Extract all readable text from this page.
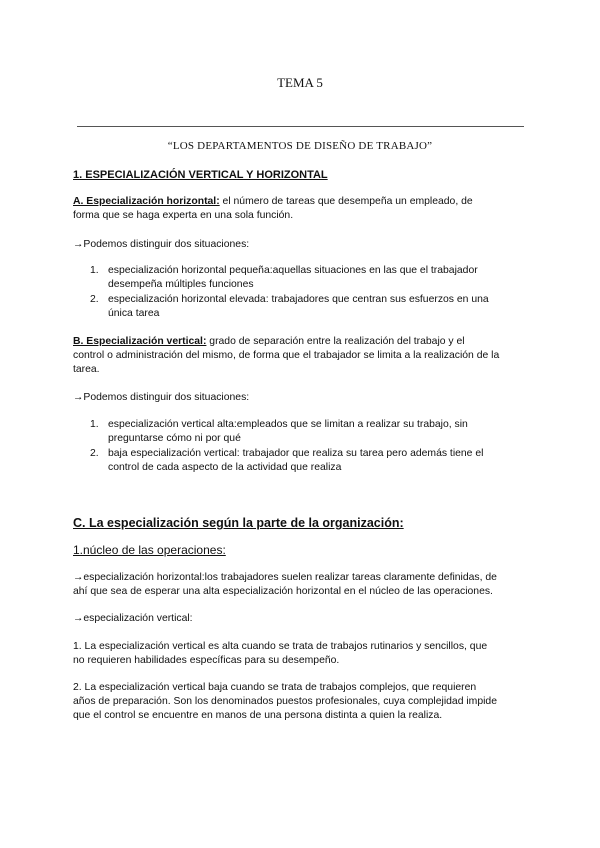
TEMA 5
“LOS DEPARTAMENTOS DE DISEÑO DE TRABAJO”
1. ESPECIALIZACIÓN VERTICAL Y HORIZONTAL
A. Especialización horizontal: el número de tareas que desempeña un empleado, de
forma que se haga experta en una sola función.
→Podemos distinguir dos situaciones:
1. especialización horizontal pequeña:aquellas situaciones en las que el trabajador
desempeña múltiples funciones
2. especialización horizontal elevada: trabajadores que centran sus esfuerzos en una
única tarea
B. Especialización vertical: grado de separación entre la realización del trabajo y el
control o administración del mismo, de forma que el trabajador se limita a la realización de la
tarea.
→Podemos distinguir dos situaciones:
1. especialización vertical alta:empleados que se limitan a realizar su trabajo, sin
preguntarse cómo ni por qué
2. baja especialización vertical: trabajador que realiza su tarea pero además tiene el
control de cada aspecto de la actividad que realiza
C. La especialización según la parte de la organización:
1.núcleo de las operaciones:
→especialización horizontal:los trabajadores suelen realizar tareas claramente definidas, de
ahí que sea de esperar una alta especialización horizontal en el núcleo de las operaciones.
→especialización vertical:
1. La especialización vertical es alta cuando se trata de trabajos rutinarios y sencillos, que
no requieren habilidades específicas para su desempeño.
2. La especialización vertical baja cuando se trata de trabajos complejos, que requieren
años de preparación. Son los denominados puestos profesionales, cuya complejidad impide
que el control se encuentre en manos de una persona distinta a quien la realiza.
